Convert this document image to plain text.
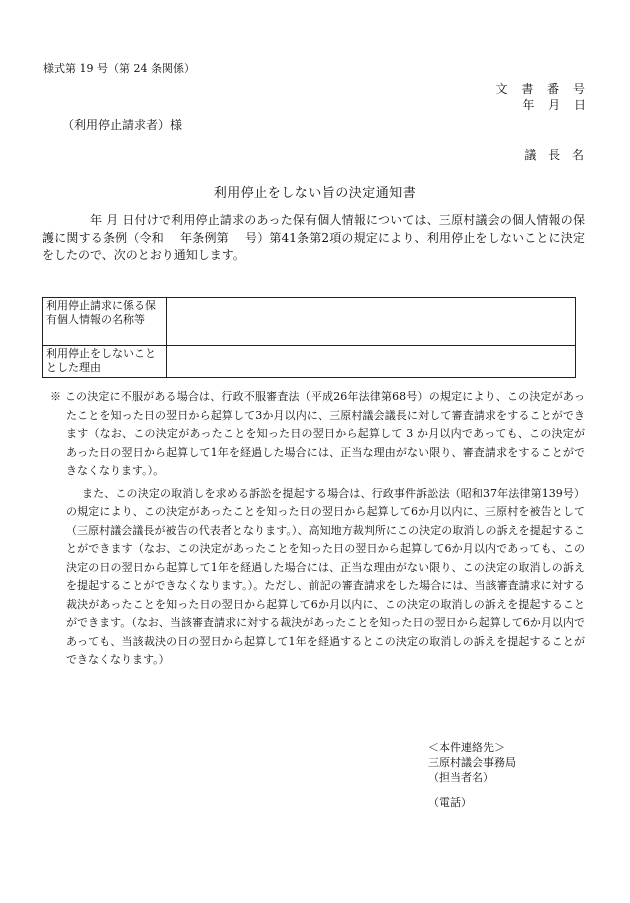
様式第 19 号（第 24 条関係）
文 書 番 号
年 月 日
（利用停止請求者）様
議 長 名
利用停止をしない旨の決定通知書
年 月 日付けで利用停止請求のあった保有個人情報については、三原村議会の個人情報の保護に関する条例（令和　 年条例第　 号）第41条第2項の規定により、利用停止をしないことに決定をしたので、次のとおり通知します。
利用停止請求に係る保有個人情報の名称等	
利用停止をしないこととした理由	

※ この決定に不服がある場合は、行政不服審査法（平成26年法律第68号）の規定により、この決定があったことを知った日の翌日から起算して3か月以内に、三原村議会議長に対して審査請求をすることができます（なお、この決定があったことを知った日の翌日から起算して 3 か月以内であっても、この決定があった日の翌日から起算して1年を経過した場合には、正当な理由がない限り、審査請求をすることができなくなります。）。

また、この決定の取消しを求める訴訟を提起する場合は、行政事件訴訟法（昭和37年法律第139号）の規定により、この決定があったことを知った日の翌日から起算して6か月以内に、三原村を被告として（三原村議会議長が被告の代表者となります。）、高知地方裁判所にこの決定の取消しの訴えを提起することができます（なお、この決定があったことを知った日の翌日から起算して6か月以内であっても、この決定の日の翌日から起算して1年を経過した場合には、正当な理由がない限り、この決定の取消しの訴えを提起することができなくなります。）。ただし、前記の審査請求をした場合には、当該審査請求に対する裁決があったことを知った日の翌日から起算して6か月以内に、この決定の取消しの訴えを提起することができます。（なお、当該審査請求に対する裁決があったことを知った日の翌日から起算して6か月以内であっても、当該裁決の日の翌日から起算して1年を経過するとこの決定の取消しの訴えを提起することができなくなります。）

＜本件連絡先＞
三原村議会事務局
（担当者名）
（電話）
